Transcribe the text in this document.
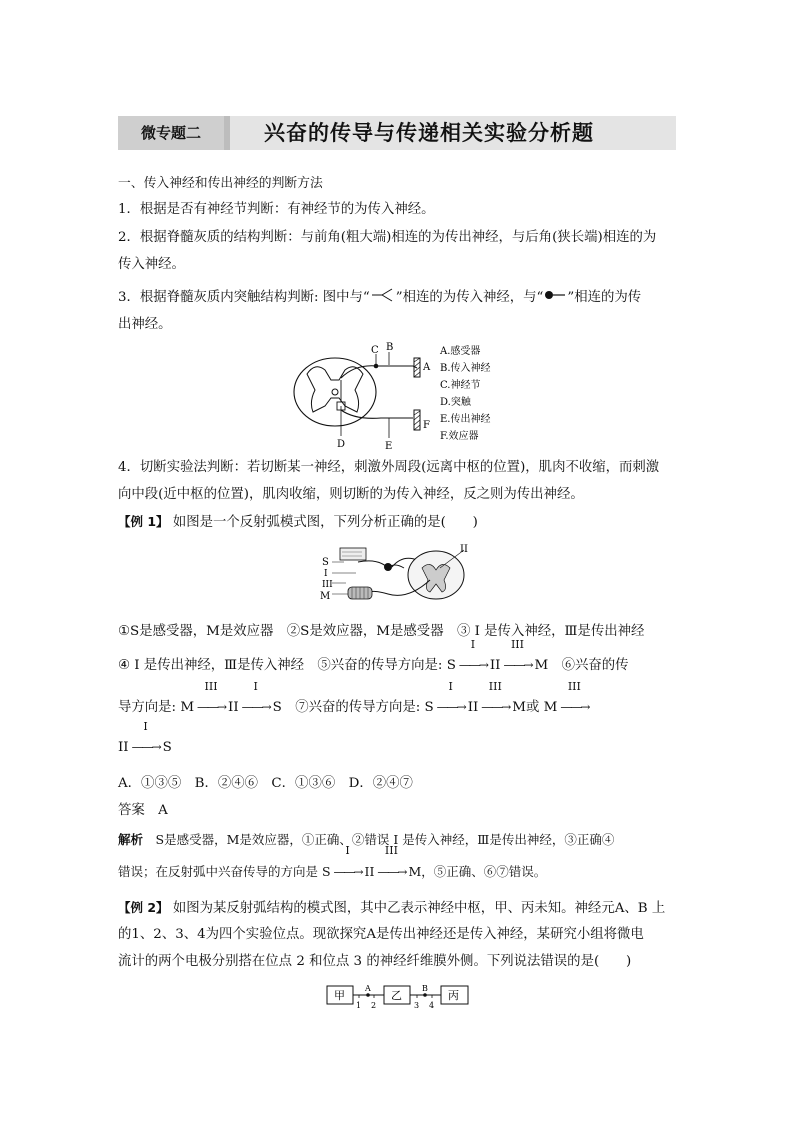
微专题二	兴奋的传导与传递相关实验分析题
一、传入神经和传出神经的判断方法
1．根据是否有神经节判断：有神经节的为传入神经。
2．根据脊髓灰质的结构判断：与前角(粗大端)相连的为传出神经，与后角(狭长端)相连的为
传入神经。
3．根据脊髓灰质内突触结构判断: 图中与“ ”相连的为传入神经，与“ ”相连的为传
出神经。
C B
A
D	E
F
A.感受器
B.传入神经
C.神经节
D.突触
E.传出神经
F.效应器
4．切断实验法判断：若切断某一神经，刺激外周段(远离中枢的位置)，肌肉不收缩，而刺激
向中段(近中枢的位置)，肌肉收缩，则切断的为传入神经，反之则为传出神经。
【例 1】 如图是一个反射弧模式图，下列分析正确的是(　　)
S
I
III
M
II
①S是感受器，M是效应器　②S是效应器，M是感受器　③ I 是传入神经，Ⅲ是传出神经
④ I 是传出神经，Ⅲ是传入神经　⑤兴奋的传导方向是: S
I
——→ II
III
——→ M　 ⑥兴奋的传
导方向是: M
III
——→ II
I
——→ S　 ⑦兴奋的传导方向是: S
I
——→ II
III
——→ M或 M
III
——→
II
I
——→ S
A．①③⑤　B．②④⑥　C．①③⑥　D．②④⑦
答案　 A
解析　 S是感受器，M是效应器，①正确、②错误 I 是传入神经，Ⅲ是传出神经，③正确④
错误；在反射弧中兴奋传导的方向是 S
I
——→ II
III
——→ M，⑤正确、⑥⑦错误。
【例 2】 如图为某反射弧结构的模式图，其中乙表示神经中枢，甲、丙未知。神经元A、B 上
的1、2、3、4为四个实验位点。现欲探究A是传出神经还是传入神经，某研究小组将微电
流计的两个电极分别搭在位点 2 和位点 3 的神经纤维膜外侧。下列说法错误的是(　　)
甲	乙	丙
A	B
1 2	3 4
